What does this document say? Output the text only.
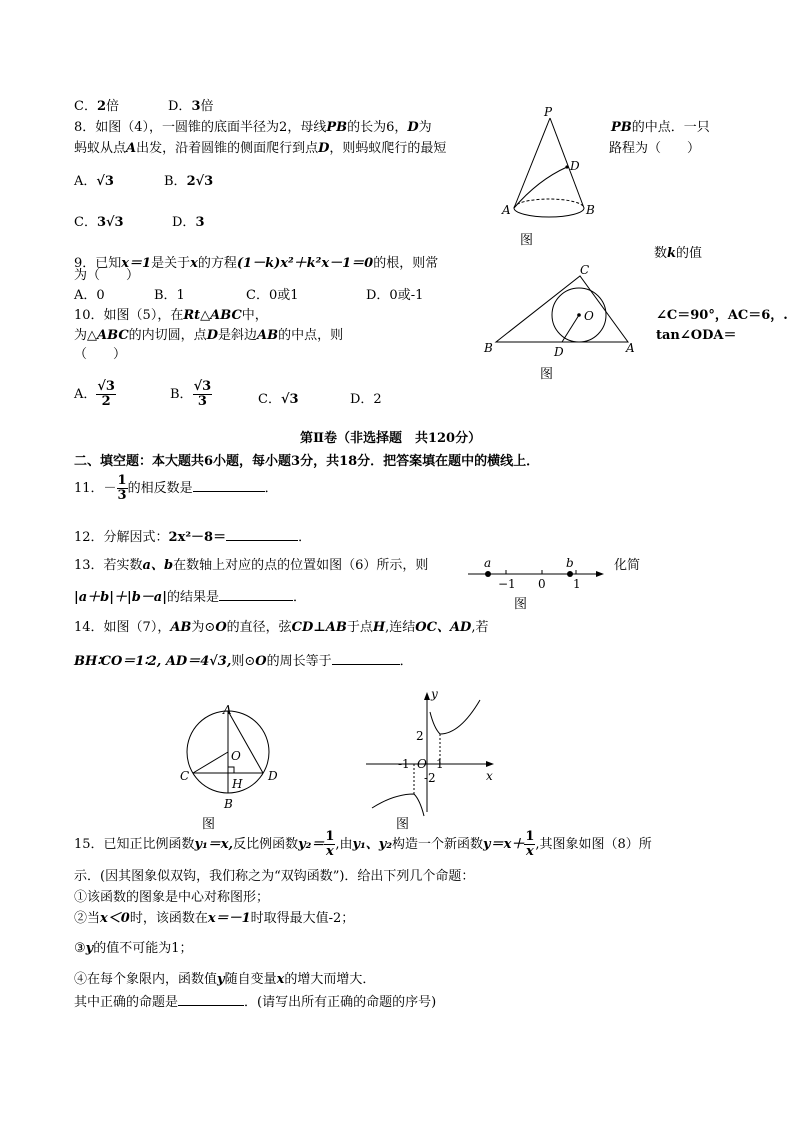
C．2倍	D．3倍
8．如图（4），一圆锥的底面半径为2，母线PB的长为6，D为	PB的中点．一只
蚂蚁从点A出发，沿着圆锥的侧面爬行到点D，则蚂蚁爬行的最短	路程为（　　）
A．√3	B．2√3
C．3√3	D．3
P
D
A	B
图
数k的值
9．已知x＝1是关于x的方程(1－k)x²＋k²x－1＝0的根，则常
为（　　）
A．0	B．1	C．0或1	D．0或-1
10．如图（5），在Rt△ABC中，	∠C＝90°，AC＝6，.
为△ABC的内切圆，点D是斜边AB的中点，则	tan∠ODA＝
（　　）
A． $\frac{√3}{2}$	B． $\frac{√3}{3}$	C．√3	D．2
C
O
B	D	A
图
第Ⅱ卷（非选择题　共120分）
二、填空题：本大题共6小题，每小题3分，共18分．把答案填在题中的横线上．
11．－ $\frac{1}{3}$ 的相反数是	．
12．分解因式：2x²－8＝	．
13．若实数a、b在数轴上对应的点的位置如图（6）所示，则	化简
|a＋b|＋|b－a|的结果是	．
a	b
−1 0 1
图
14．如图（7），AB为⊙O的直径，弦CD⊥AB于点H,连结OC、AD,若
BH∶CO＝1∶2, AD＝4√3,则⊙O的周长等于	．
A
O
C
H
D
B
图
y
x
2
-1 O 1
-2
图
15．已知正比例函数y₁＝x,反比例函数$y_2= \frac{1}{x}$ ,由y₁、y₂构造一个新函数$y=x+ \frac{1}{x}$ ,其图象如图（8）所
示．(因其图象似双钩，我们称之为“双钩函数”)．给出下列几个命题：
①该函数的图象是中心对称图形；
②当x＜0时，该函数在x＝－1时取得最大值-2；
③y的值不可能为1；
④在每个象限内，函数值y随自变量x的增大而增大．
其中正确的命题是	．(请写出所有正确的命题的序号)
